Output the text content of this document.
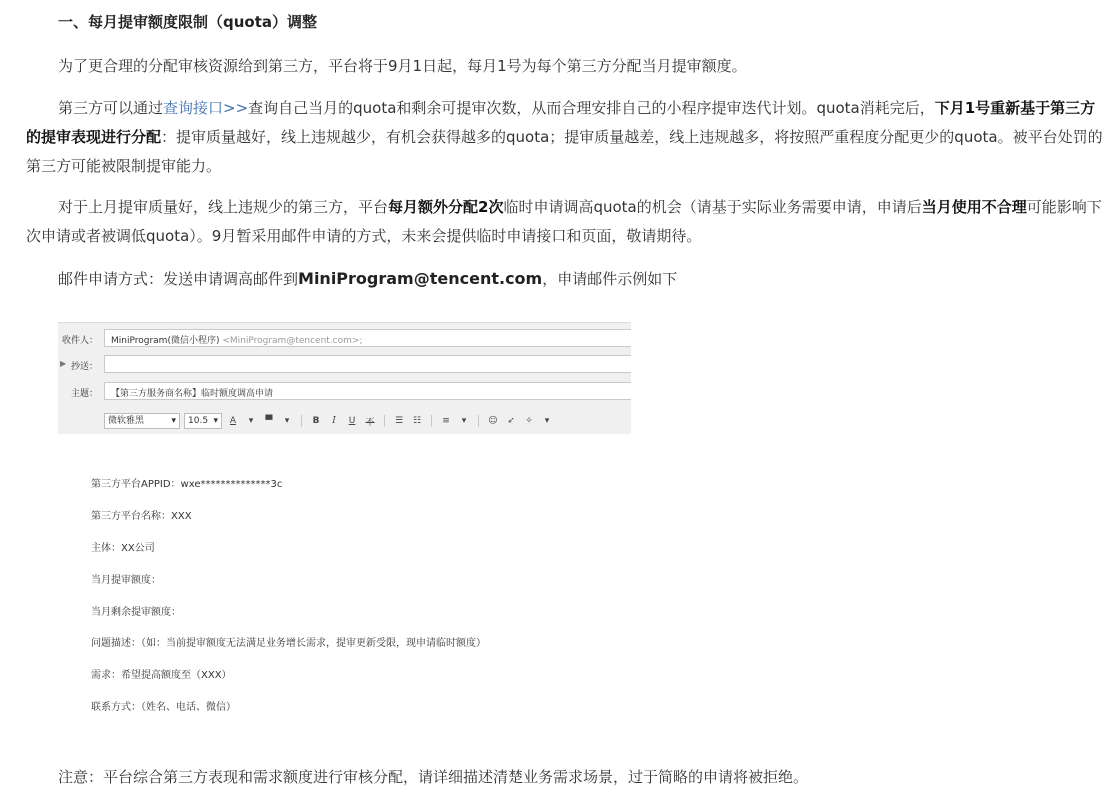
一、每月提审额度限制（quota）调整
为了更合理的分配审核资源给到第三方，平台将于9月1日起，每月1号为每个第三方分配当月提审额度。
第三方可以通过查询接口>>查询自己当月的quota和剩余可提审次数，从而合理安排自己的小程序提审迭代计划。quota消耗完后，下月1号重新基于第三方的提审表现进行分配：提审质量越好，线上违规越少，有机会获得越多的quota；提审质量越差，线上违规越多，将按照严重程度分配更少的quota。被平台处罚的第三方可能被限制提审能力。
对于上月提审质量好，线上违规少的第三方，平台每月额外分配2次临时申请调高quota的机会（请基于实际业务需要申请，申请后当月使用不合理可能影响下次申请或者被调低quota）。9月暂采用邮件申请的方式，未来会提供临时申请接口和页面，敬请期待。
邮件申请方式：发送申请调高邮件到MiniProgram@tencent.com，申请邮件示例如下
收件人：	MiniProgram(微信小程序) <MiniProgram@tencent.com>;
▶ 抄送：
主题：	【第三方服务商名称】临时额度调高申请
微软雅黑	▾ 10.5 ▾	A	▾	▀	▾	B	I	U	不	☰	☷	≡	▾	☺	➶	✧	▾
第三方平台APPID：wxe**************3c
第三方平台名称：XXX
主体：XX公司
当月提审额度：
当月剩余提审额度：
问题描述：（如：当前提审额度无法满足业务增长需求，提审更新受限，现申请临时额度）
需求：希望提高额度至（XXX）
联系方式：（姓名、电话、微信）
注意：平台综合第三方表现和需求额度进行审核分配，请详细描述清楚业务需求场景，过于简略的申请将被拒绝。
